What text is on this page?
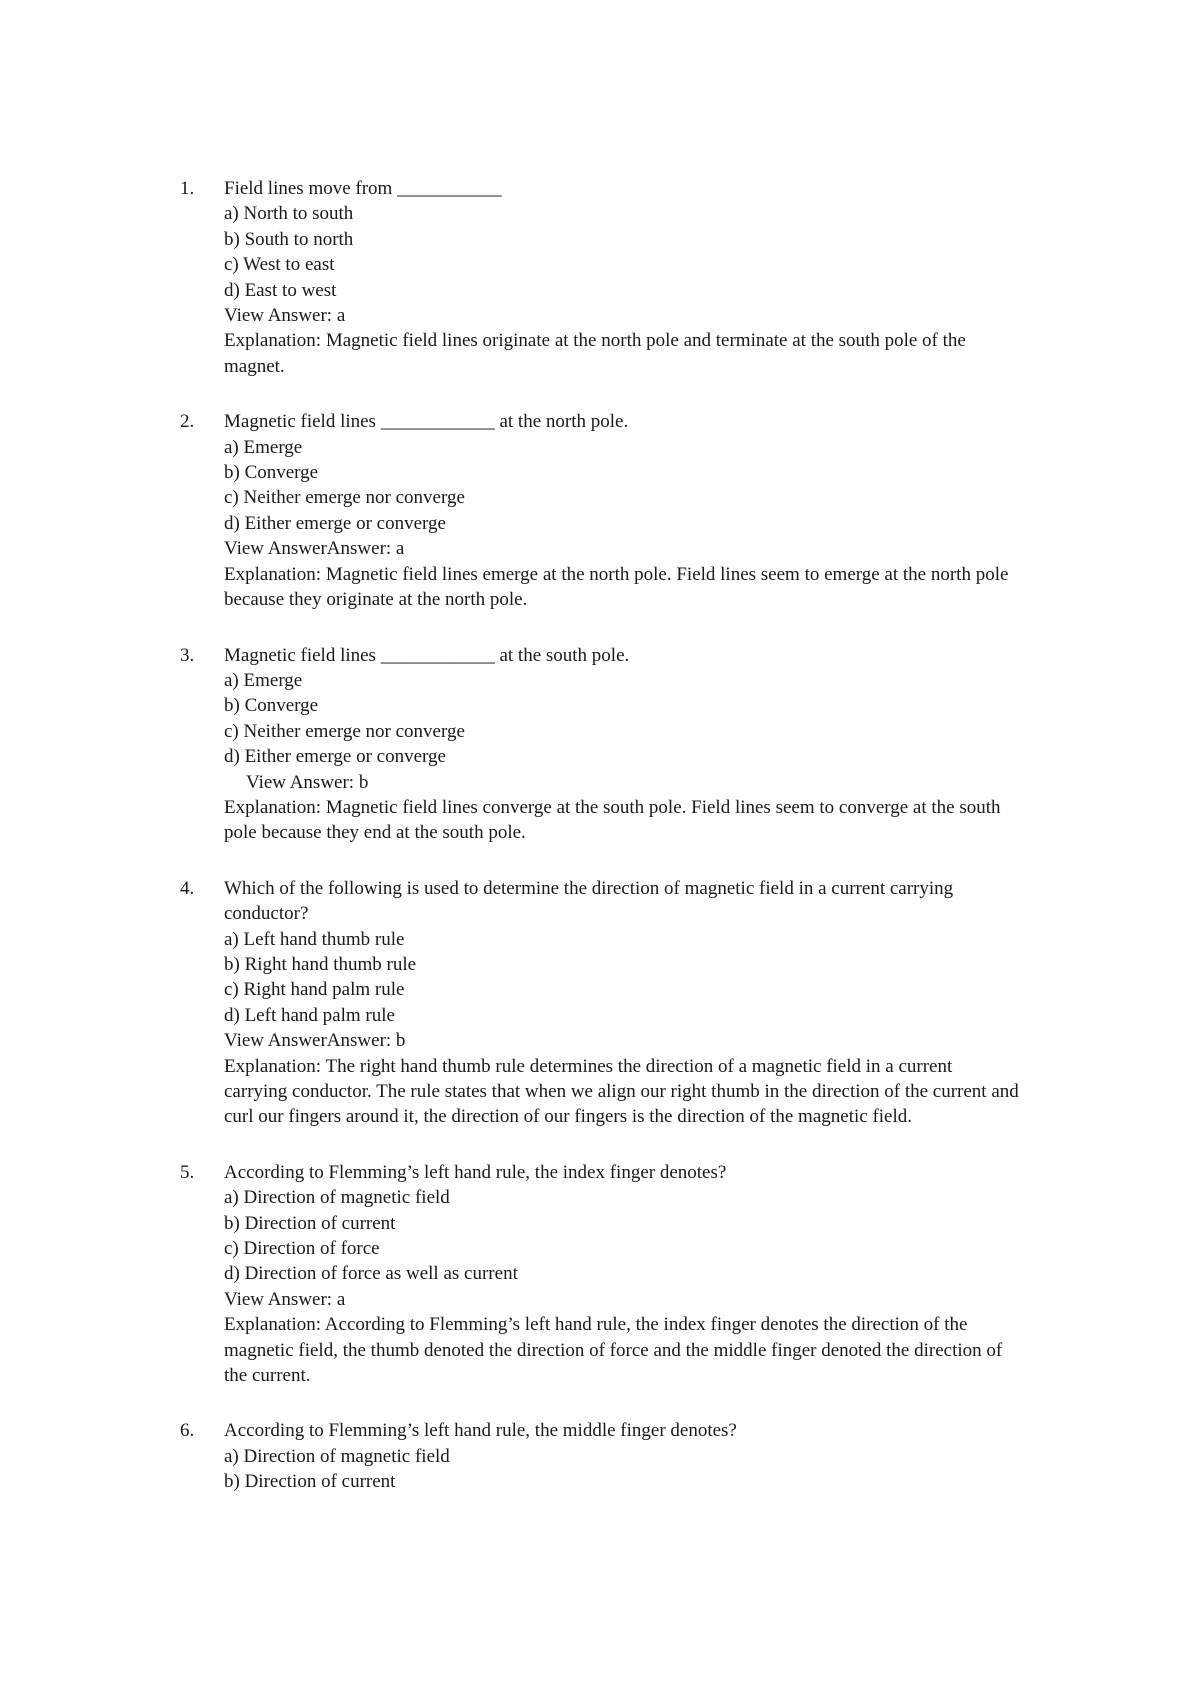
1. Field lines move from ___________
a) North to south
b) South to north
c) West to east
d) East to west
View Answer: a
Explanation: Magnetic field lines originate at the north pole and terminate at the south pole of the magnet.
2. Magnetic field lines ____________ at the north pole.
a) Emerge
b) Converge
c) Neither emerge nor converge
d) Either emerge or converge
View AnswerAnswer: a
Explanation: Magnetic field lines emerge at the north pole. Field lines seem to emerge at the north pole because they originate at the north pole.
3. Magnetic field lines ____________ at the south pole.
a) Emerge
b) Converge
c) Neither emerge nor converge
d) Either emerge or converge
View Answer: b
Explanation: Magnetic field lines converge at the south pole. Field lines seem to converge at the south pole because they end at the south pole.
4. Which of the following is used to determine the direction of magnetic field in a current carrying conductor?
a) Left hand thumb rule
b) Right hand thumb rule
c) Right hand palm rule
d) Left hand palm rule
View AnswerAnswer: b
Explanation: The right hand thumb rule determines the direction of a magnetic field in a current carrying conductor. The rule states that when we align our right thumb in the direction of the current and curl our fingers around it, the direction of our fingers is the direction of the magnetic field.
5. According to Flemming’s left hand rule, the index finger denotes?
a) Direction of magnetic field
b) Direction of current
c) Direction of force
d) Direction of force as well as current
View Answer: a
Explanation: According to Flemming’s left hand rule, the index finger denotes the direction of the magnetic field, the thumb denoted the direction of force and the middle finger denoted the direction of the current.
6. According to Flemming’s left hand rule, the middle finger denotes?
a) Direction of magnetic field
b) Direction of current
